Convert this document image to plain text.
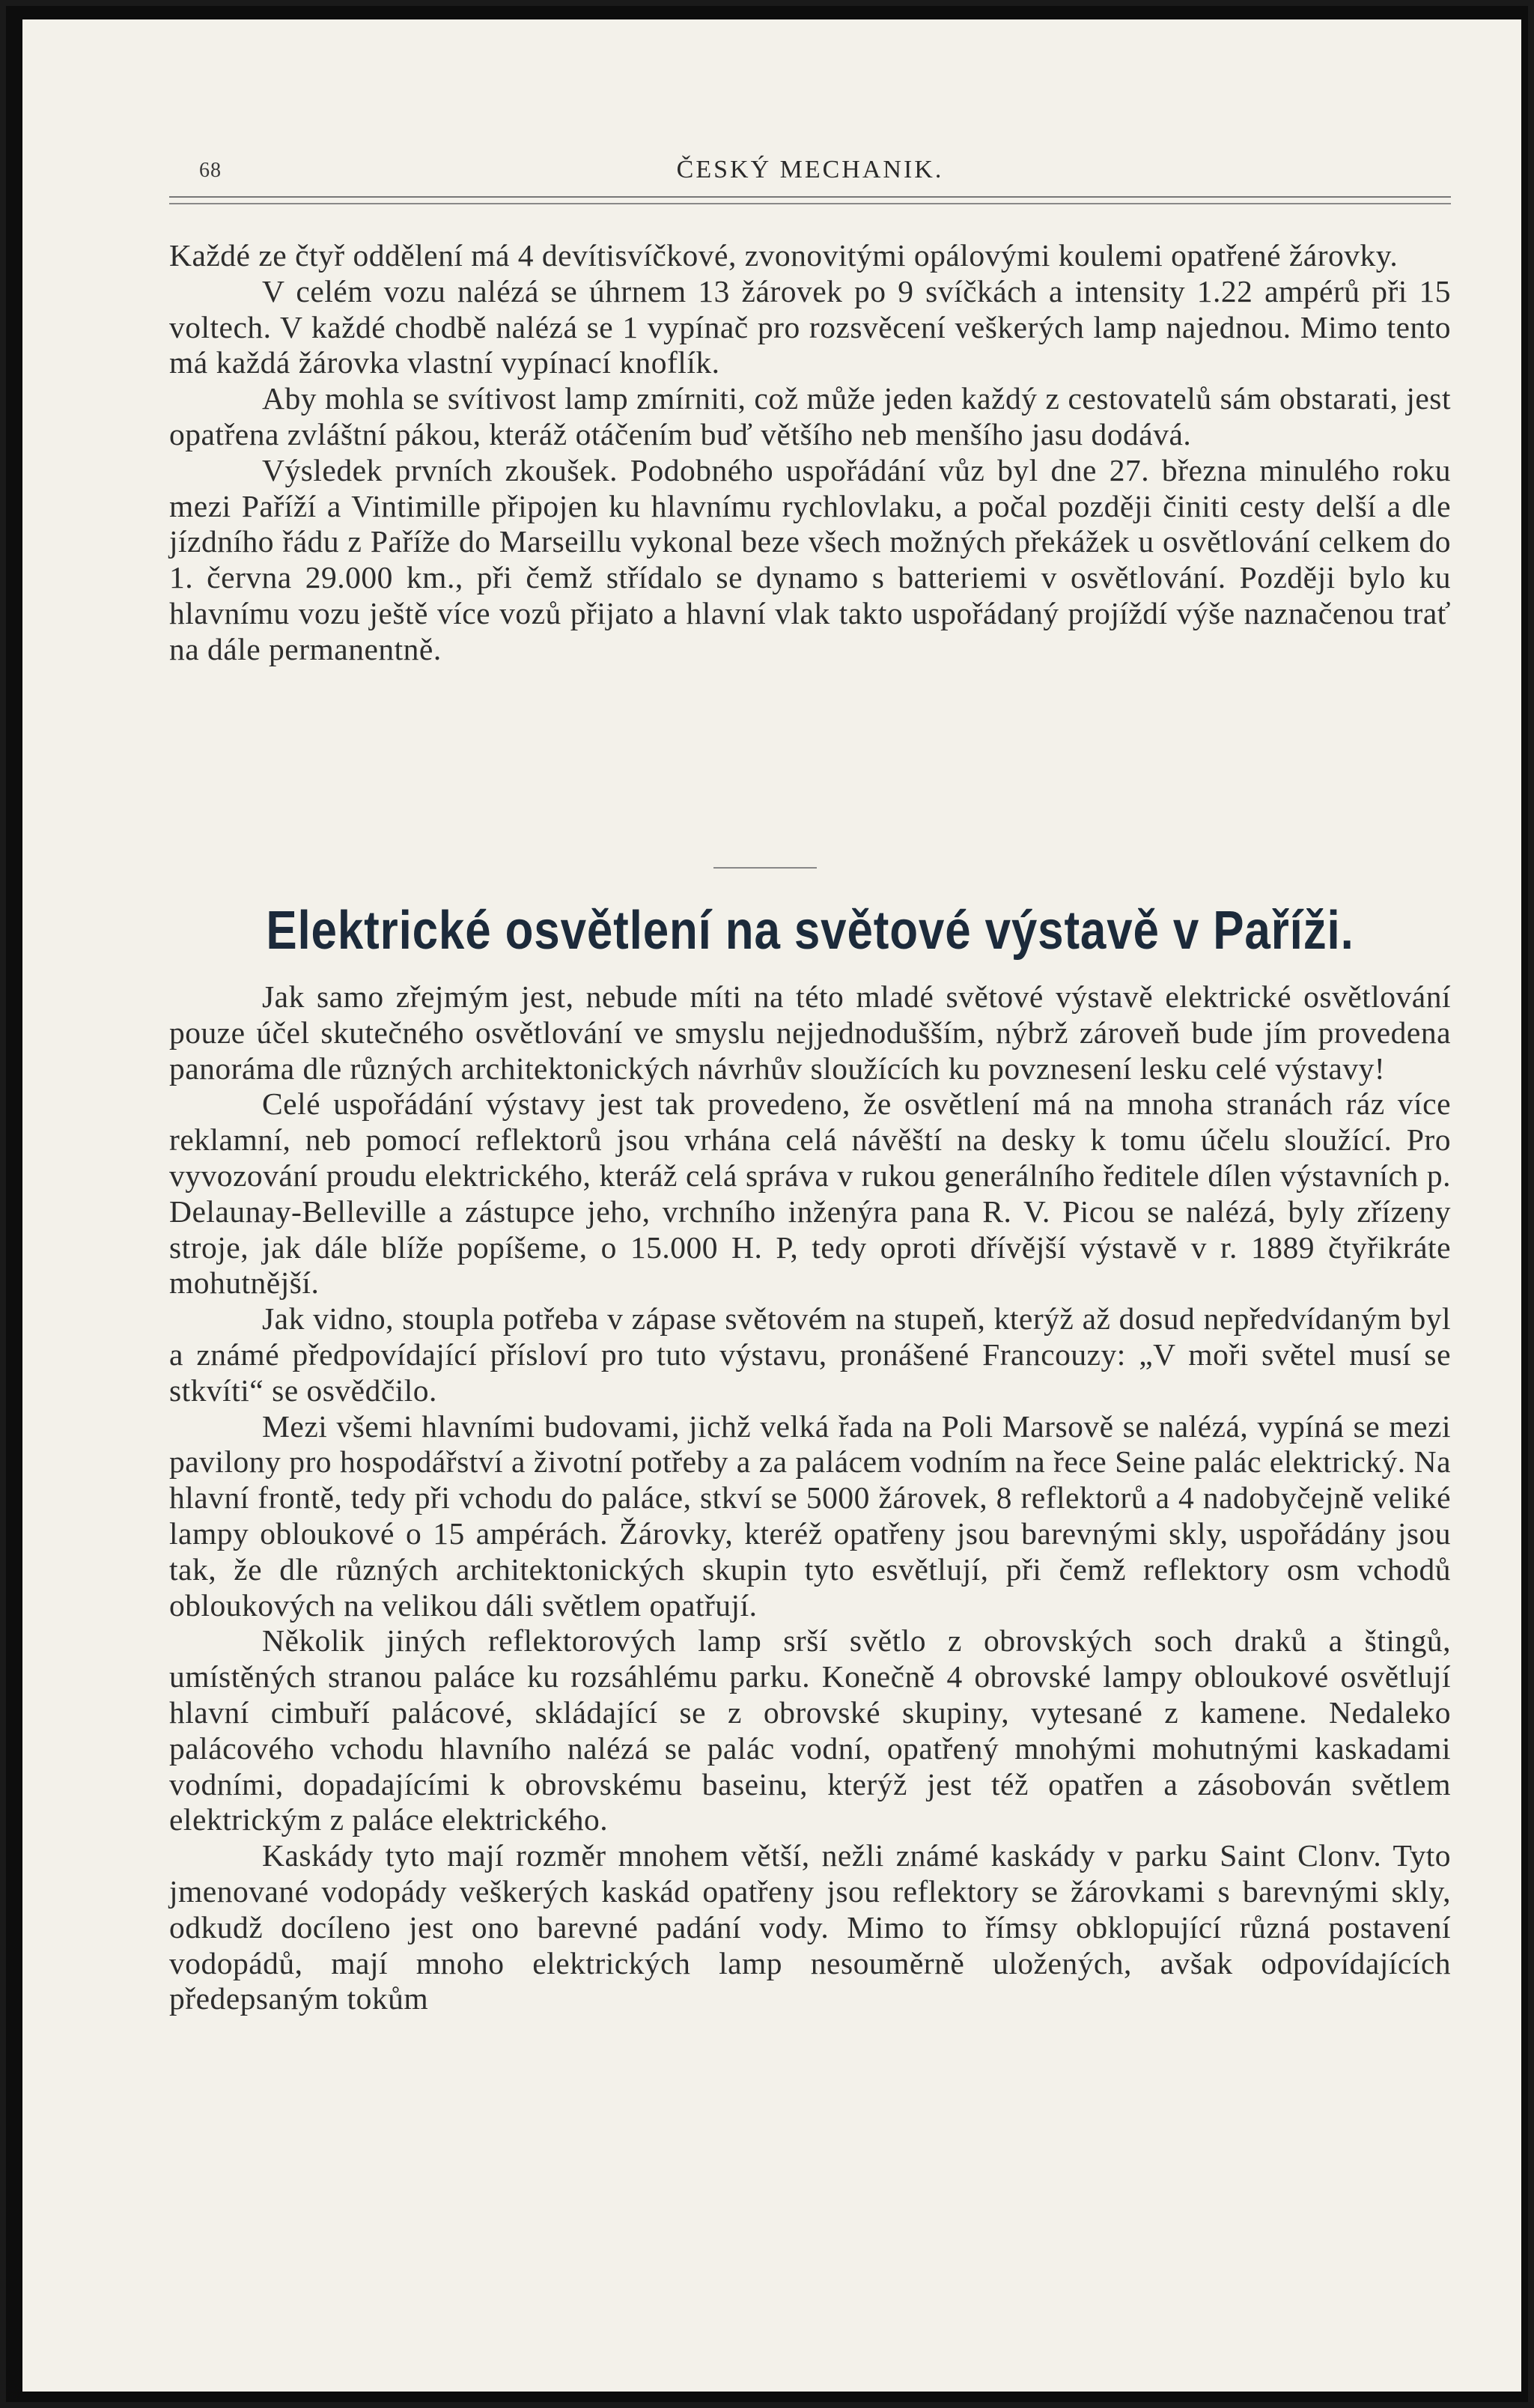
68	ČESKÝ MECHANIK.

Každé ze čtyř oddělení má 4 devítisvíčkové, zvonovitými opálovými koulemi opatřené žárovky.

V celém vozu nalézá se úhrnem 13 žárovek po 9 svíčkách a intensity 1.22 ampérů při 15 voltech. V každé chodbě nalézá se 1 vypínač pro rozsvěcení veškerých lamp najednou. Mimo tento má každá žárovka vlastní vypínací knoflík.

Aby mohla se svítivost lamp zmírniti, což může jeden každý z cestovatelů sám obstarati, jest opatřena zvláštní pákou, kteráž otáčením buď většího neb menšího jasu dodává.

Výsledek prvních zkoušek. Podobného uspořádání vůz byl dne 27. března minulého roku mezi Paříží a Vintimille připojen ku hlavnímu rychlovlaku, a počal později činiti cesty delší a dle jízdního řádu z Paříže do Marseillu vykonal beze všech možných překážek u osvětlování celkem do 1. června 29.000 km., při čemž střídalo se dynamo s batteriemi v osvětlování. Později bylo ku hlavnímu vozu ještě více vozů přijato a hlavní vlak takto uspořádaný projíždí výše naznačenou trať na dále permanentně.

Elektrické osvětlení na světové výstavě v Paříži.

Jak samo zřejmým jest, nebude míti na této mladé světové výstavě elektrické osvětlování pouze účel skutečného osvětlování ve smyslu nejjednodušším, nýbrž zároveň bude jím provedena panoráma dle různých architektonických návrhův sloužících ku povznesení lesku celé výstavy!

Celé uspořádání výstavy jest tak provedeno, že osvětlení má na mnoha stranách ráz více reklamní, neb pomocí reflektorů jsou vrhána celá návěští na desky k tomu účelu sloužící. Pro vyvozování proudu elektrického, kteráž celá správa v rukou generálního ředitele dílen výstavních p. Delaunay-Belleville a zástupce jeho, vrchního inženýra pana R. V. Picou se nalézá, byly zřízeny stroje, jak dále blíže popíšeme, o 15.000 H. P, tedy oproti dřívější výstavě v r. 1889 čtyřikráte mohutnější.

Jak vidno, stoupla potřeba v zápase světovém na stupeň, kterýž až dosud nepředvídaným byl a známé předpovídající přísloví pro tuto výstavu, pronášené Francouzy: „V moři světel musí se stkvíti“ se osvědčilo.

Mezi všemi hlavními budovami, jichž velká řada na Poli Marsově se nalézá, vypíná se mezi pavilony pro hospodářství a životní potřeby a za palácem vodním na řece Seine palác elektrický. Na hlavní frontě, tedy při vchodu do paláce, stkví se 5000 žárovek, 8 reflektorů a 4 nadobyčejně veliké lampy obloukové o 15 ampérách. Žárovky, kteréž opatřeny jsou barevnými skly, uspořádány jsou tak, že dle různých architektonických skupin tyto esvětlují, při čemž reflektory osm vchodů obloukových na velikou dáli světlem opatřují.

Několik jiných reflektorových lamp srší světlo z obrovských soch draků a štingů, umístěných stranou paláce ku rozsáhlému parku. Konečně 4 obrovské lampy obloukové osvětlují hlavní cimbuří palácové, skládající se z obrovské skupiny, vytesané z kamene. Nedaleko palácového vchodu hlavního nalézá se palác vodní, opatřený mnohými mohutnými kaskadami vodními, dopadajícími k obrovskému baseinu, kterýž jest též opatřen a zásobován světlem elektrickým z paláce elektrického.

Kaskády tyto mají rozměr mnohem větší, nežli známé kaskády v parku Saint Clonv. Tyto jmenované vodopády veškerých kaskád opatřeny jsou reflektory se žárovkami s barevnými skly, odkudž docíleno jest ono barevné padání vody. Mimo to římsy obklopující různá postavení vodopádů, mají mnoho elektrických lamp nesouměrně uložených, avšak odpovídajících předepsaným tokům
